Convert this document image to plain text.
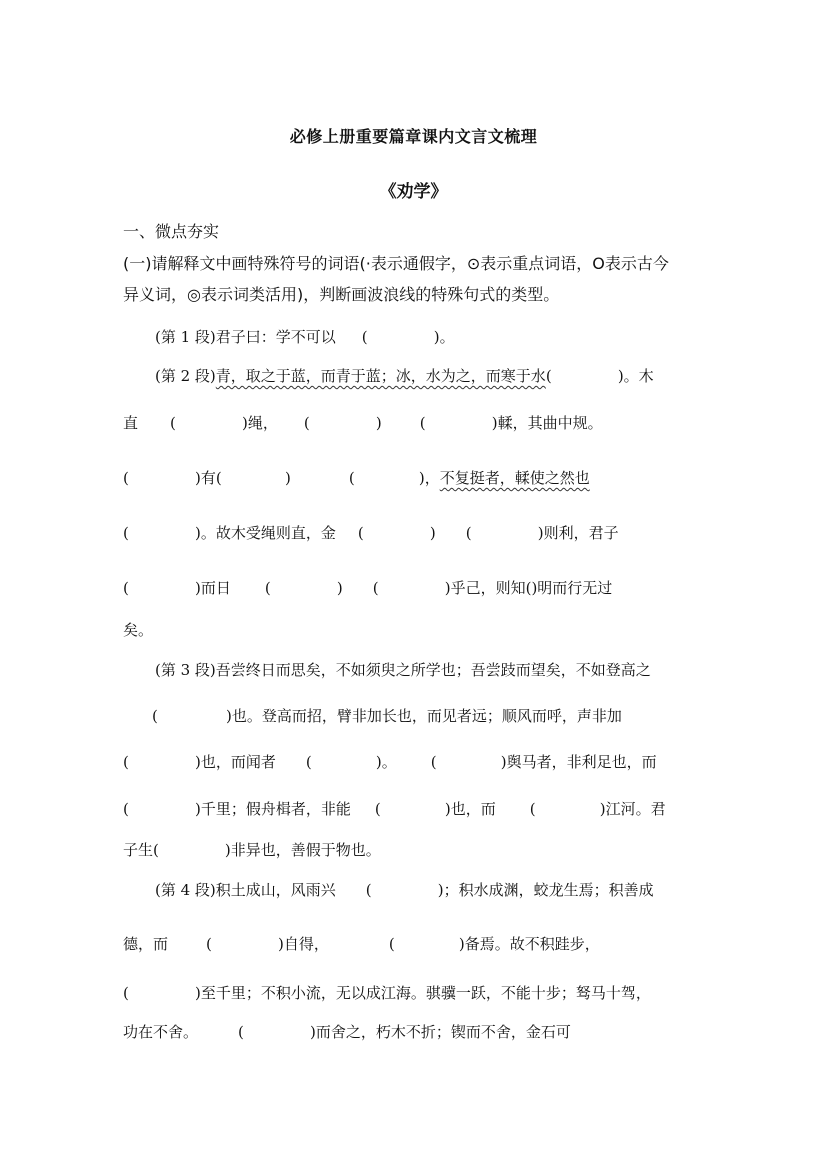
必修上册重要篇章课内文言文梳理
《劝学》
一、微点夯实
(一)请解释文中画特殊符号的词语(·表示通假字，⊙表示重点词语，O表示古今
异义词，◎表示词类活用)，判断画波浪线的特殊句式的类型。
(第 1 段)君子曰：学不可以 (	)。
(第 2 段)青，取之于蓝，而青于蓝；冰，水为之，而寒于水(	)。木
直 (	)绳， (	)	(	)輮，其曲中规。
(	)有(	)	(	)，不复挺者，輮使之然也
(	)。故木受绳则直，金 (	) (	)则利，君子
(	)而日 (	) (	)乎己，则知()明而行无过
矣。
(第 3 段)吾尝终日而思矣，不如须臾之所学也；吾尝跂而望矣，不如登高之
(	)也。登高而招，臂非加长也，而见者远；顺风而呼，声非加
(	)也，而闻者 (	)。 (	)舆马者，非利足也，而
(	)千里；假舟楫者，非能 (	)也，而 (	)江河。君
子生(	)非异也，善假于物也。
(第 4 段)积土成山，风雨兴 (	)；积水成渊，蛟龙生焉；积善成
德，而	(	)自得，	(	)备焉。故不积跬步，
(	)至千里；不积小流，无以成江海。骐骥一跃，不能十步；驽马十驾，
功在不舍。	(	)而舍之，朽木不折；锲而不舍，金石可
